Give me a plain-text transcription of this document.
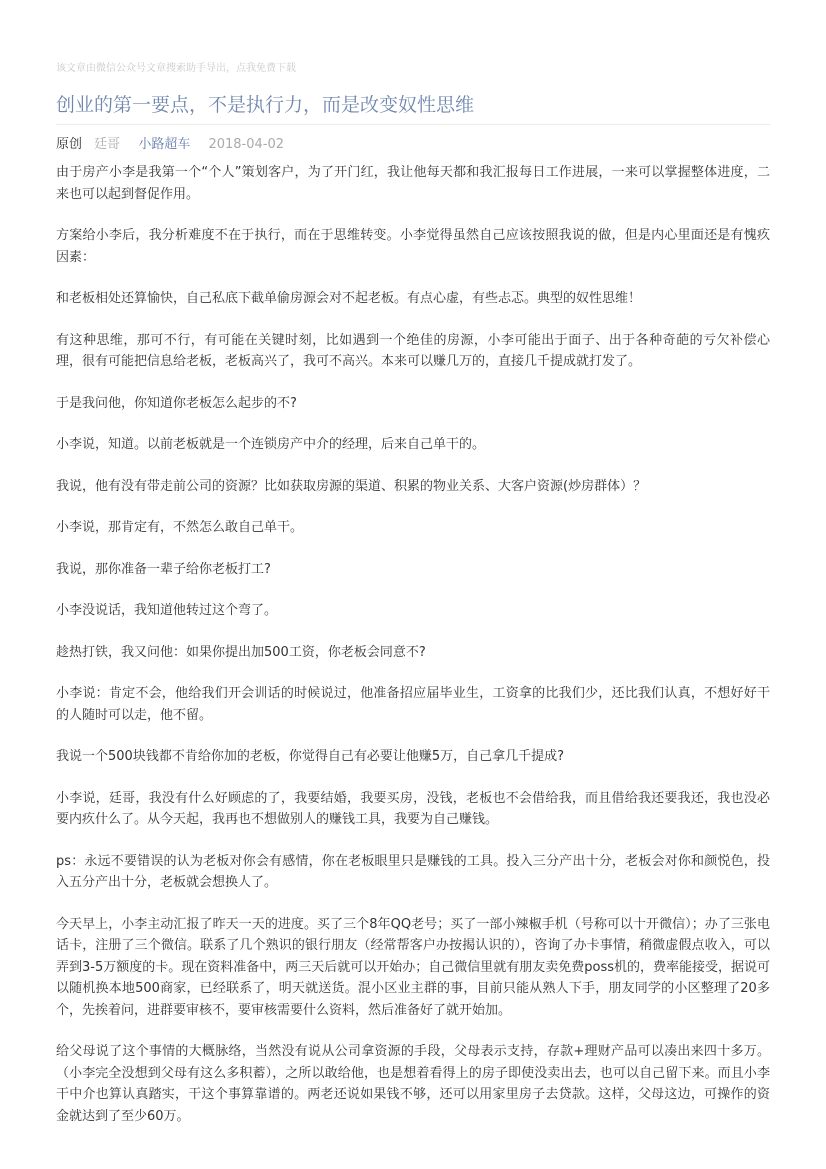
该文章由微信公众号文章搜索助手导出，点我免费下载

创业的第一要点，不是执行力，而是改变奴性思维
原创 廷哥 小路超车 2018-04-02

由于房产小李是我第一个“个人”策划客户，为了开门红，我让他每天都和我汇报每日工作进展，一来可以掌握整体进度，二来也可以起到督促作用。

方案给小李后，我分析难度不在于执行，而在于思维转变。小李觉得虽然自己应该按照我说的做，但是内心里面还是有愧疚因素：

和老板相处还算愉快，自己私底下截单偷房源会对不起老板。有点心虚，有些忐忑。典型的奴性思维！

有这种思维，那可不行，有可能在关键时刻，比如遇到一个绝佳的房源，小李可能出于面子、出于各种奇葩的亏欠补偿心理，很有可能把信息给老板，老板高兴了，我可不高兴。本来可以赚几万的，直接几千提成就打发了。

于是我问他，你知道你老板怎么起步的不?

小李说，知道。以前老板就是一个连锁房产中介的经理，后来自己单干的。

我说，他有没有带走前公司的资源？比如获取房源的渠道、积累的物业关系、大客户资源(炒房群体）？

小李说，那肯定有，不然怎么敢自己单干。

我说，那你准备一辈子给你老板打工?

小李没说话，我知道他转过这个弯了。

趁热打铁，我又问他：如果你提出加500工资，你老板会同意不?

小李说：肯定不会，他给我们开会训话的时候说过，他准备招应届毕业生，工资拿的比我们少，还比我们认真，不想好好干的人随时可以走，他不留。

我说一个500块钱都不肯给你加的老板，你觉得自己有必要让他赚5万，自己拿几千提成?

小李说，廷哥，我没有什么好顾虑的了，我要结婚，我要买房，没钱，老板也不会借给我，而且借给我还要我还，我也没必要内疚什么了。从今天起，我再也不想做别人的赚钱工具，我要为自己赚钱。

ps：永远不要错误的认为老板对你会有感情，你在老板眼里只是赚钱的工具。投入三分产出十分，老板会对你和颜悦色，投入五分产出十分，老板就会想换人了。

今天早上，小李主动汇报了昨天一天的进度。买了三个8年QQ老号；买了一部小辣椒手机（号称可以十开微信）；办了三张电话卡，注册了三个微信。联系了几个熟识的银行朋友（经常帮客户办按揭认识的），咨询了办卡事情，稍微虚假点收入，可以弄到3-5万额度的卡。现在资料准备中，两三天后就可以开始办；自己微信里就有朋友卖免费poss机的，费率能接受，据说可以随机换本地500商家，已经联系了，明天就送货。混小区业主群的事，目前只能从熟人下手，朋友同学的小区整理了20多个，先挨着问，进群要审核不，要审核需要什么资料，然后准备好了就开始加。

给父母说了这个事情的大概脉络，当然没有说从公司拿资源的手段，父母表示支持，存款+理财产品可以凑出来四十多万。（小李完全没想到父母有这么多积蓄），之所以敢给他，也是想着看得上的房子即使没卖出去，也可以自己留下来。而且小李干中介也算认真踏实，干这个事算靠谱的。两老还说如果钱不够，还可以用家里房子去贷款。这样，父母这边，可操作的资金就达到了至少60万。
